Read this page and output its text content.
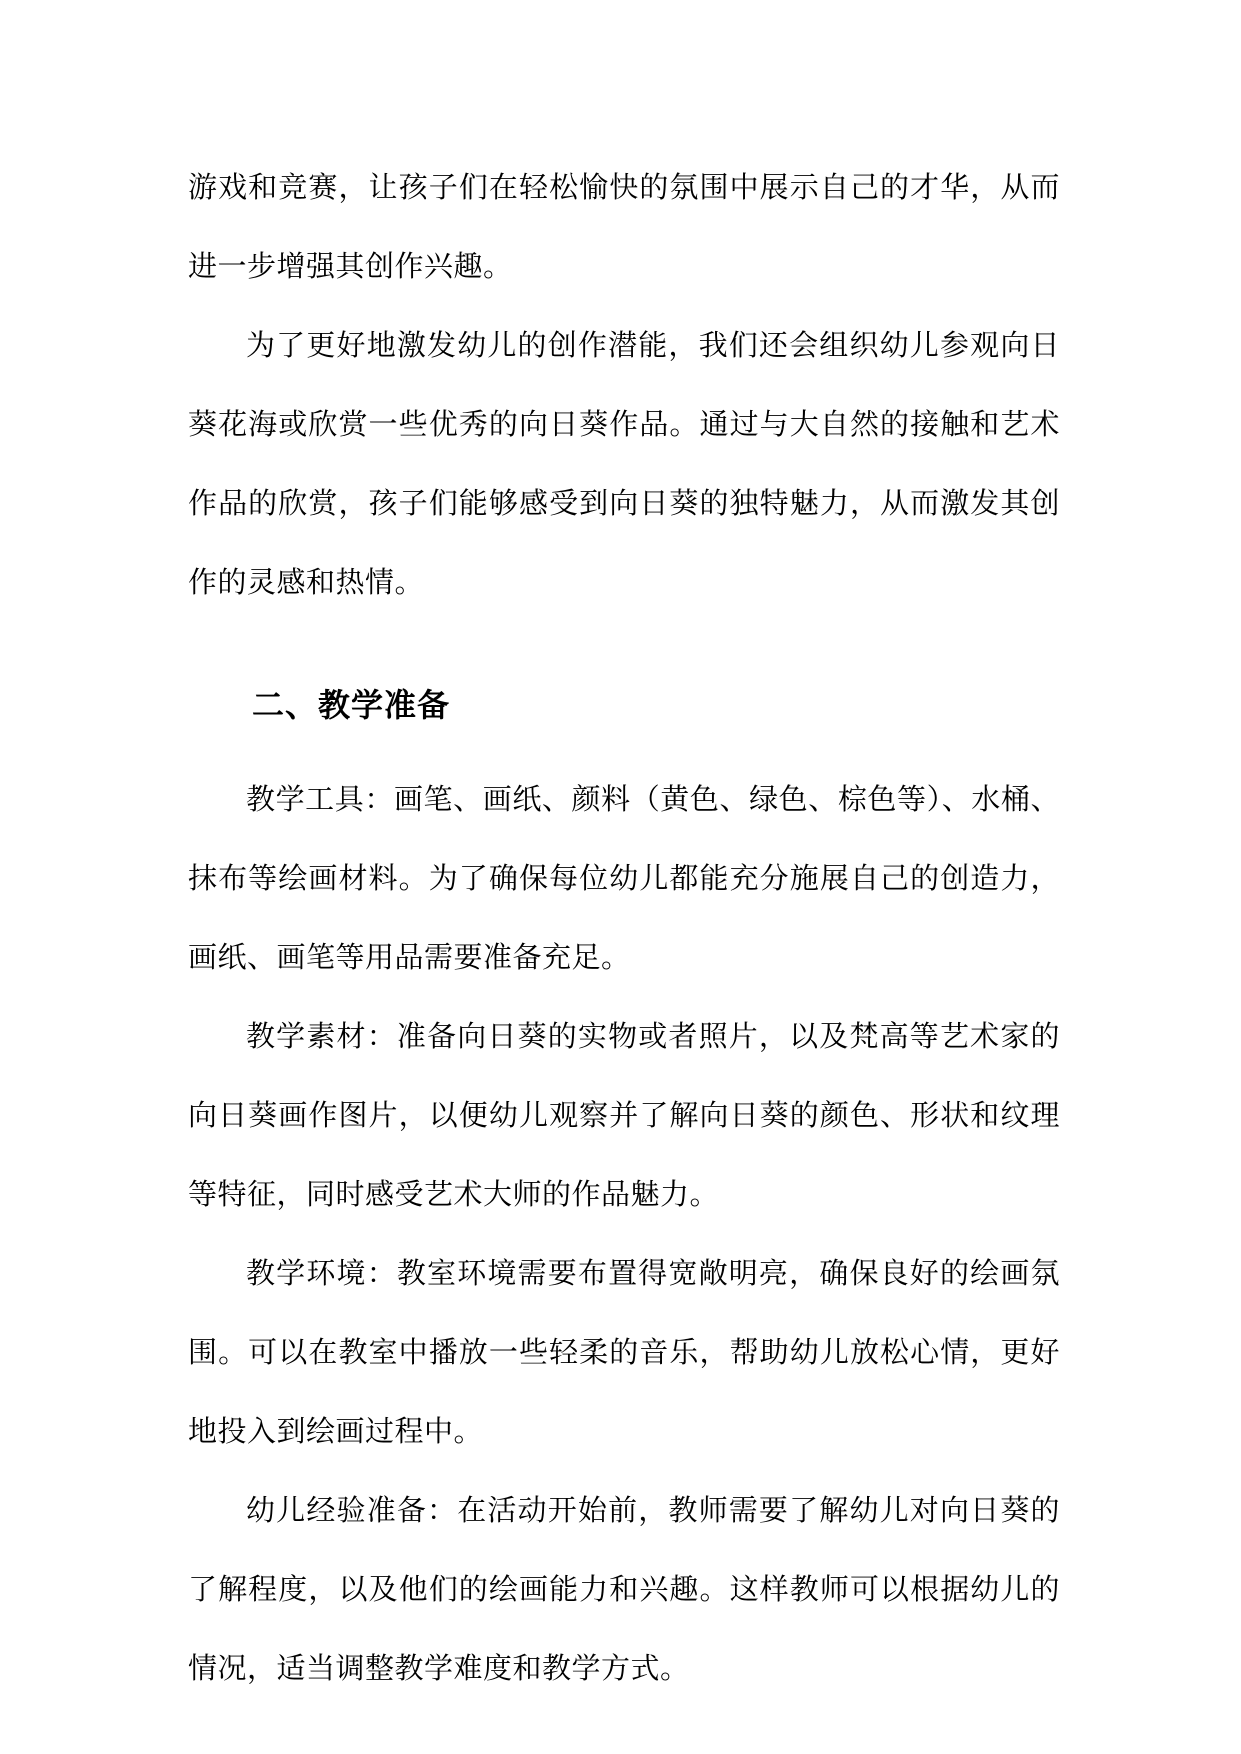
游戏和竞赛，让孩子们在轻松愉快的氛围中展示自己的才华，从而进一步增强其创作兴趣。

为了更好地激发幼儿的创作潜能，我们还会组织幼儿参观向日葵花海或欣赏一些优秀的向日葵作品。通过与大自然的接触和艺术作品的欣赏，孩子们能够感受到向日葵的独特魅力，从而激发其创作的灵感和热情。

二、教学准备

教学工具：画笔、画纸、颜料（黄色、绿色、棕色等）、水桶、抹布等绘画材料。为了确保每位幼儿都能充分施展自己的创造力，画纸、画笔等用品需要准备充足。

教学素材：准备向日葵的实物或者照片，以及梵高等艺术家的向日葵画作图片，以便幼儿观察并了解向日葵的颜色、形状和纹理等特征，同时感受艺术大师的作品魅力。

教学环境：教室环境需要布置得宽敞明亮，确保良好的绘画氛围。可以在教室中播放一些轻柔的音乐，帮助幼儿放松心情，更好地投入到绘画过程中。

幼儿经验准备：在活动开始前，教师需要了解幼儿对向日葵的了解程度，以及他们的绘画能力和兴趣。这样教师可以根据幼儿的情况，适当调整教学难度和教学方式。
